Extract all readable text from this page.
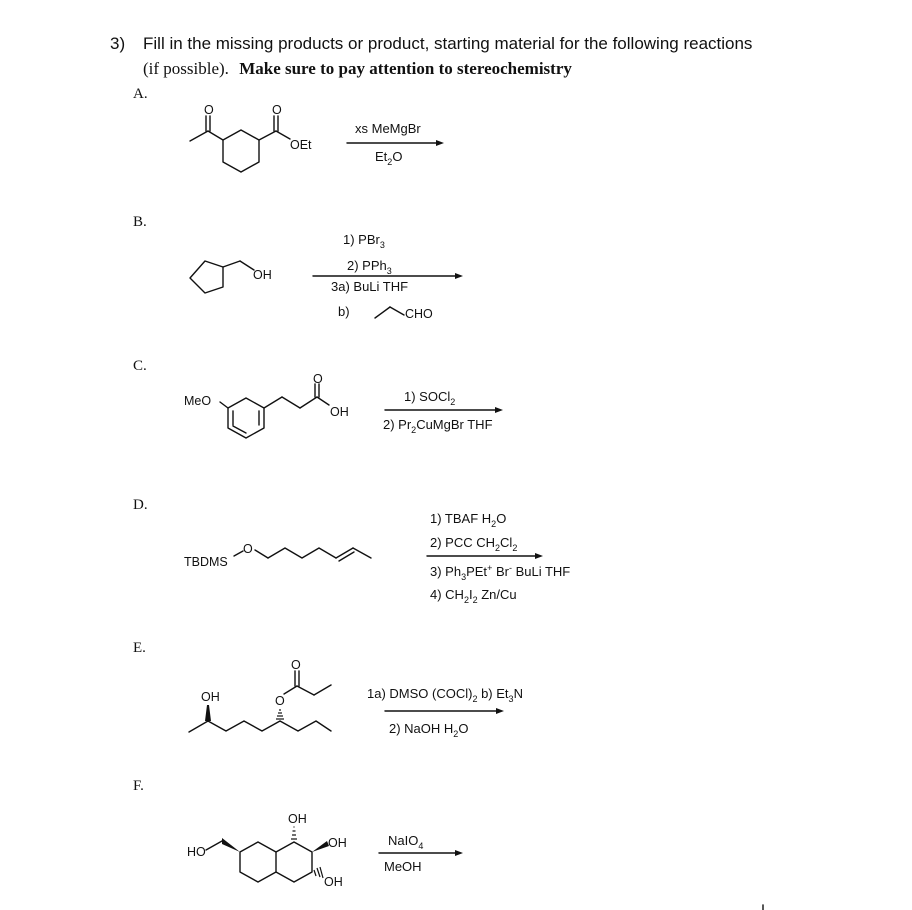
3) Fill in the missing products or product, starting material for the following reactions
(if possible). Make sure to pay attention to stereochemistry
A.
O	O
OEt
xs MeMgBr
$Et_2O$
B.
OH
1) PBr$_3$
2) PPh$_3$
3a) BuLi THF
b)	CHO
C.
MeO
O
OH
1) SOCl$_2$
2) $Pr_2CuMgBr$ THF
D.
TBDMS
O
1) TBAF $H_2O$
2) PCC $CH_2Cl_2$
3) $Ph_3PEt^+$ Br- BuLi THF
4) $CH_2I_2$ Zn/Cu
E.
OH	O
O
1a) DMSO $(COCl)_2$ b) $Et_3N$
2) NaOH $H_2O$
F.
HO
OH
OH
OH
NaIO$_4$
MeOH
